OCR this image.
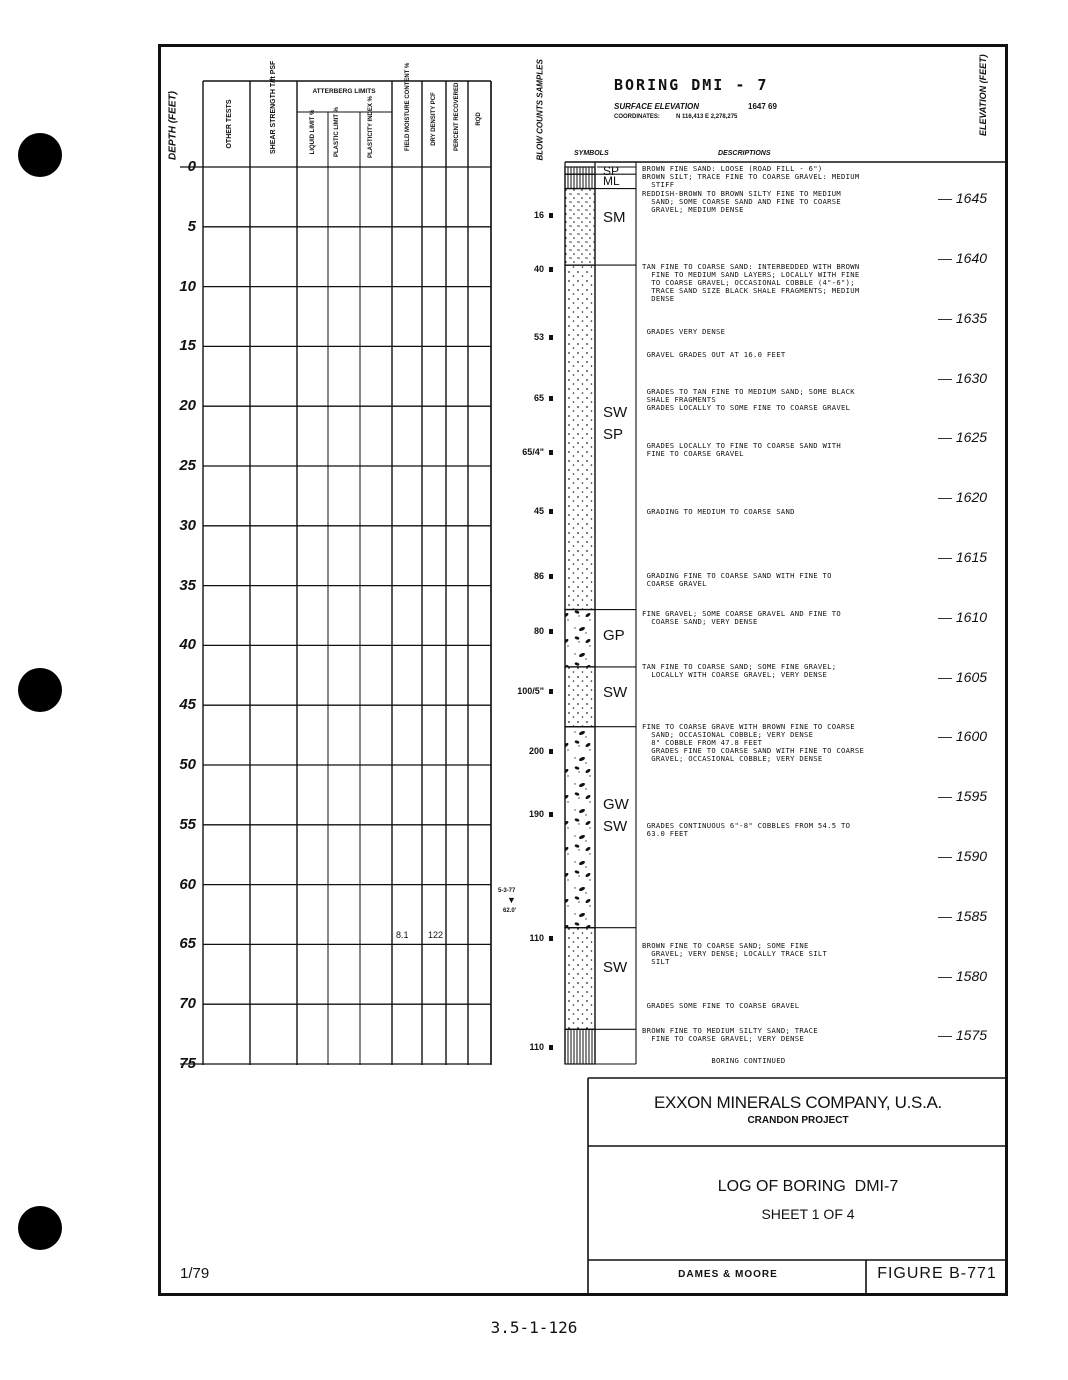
DEPTH (FEET)	OTHER TESTS	SHEAR STRENGTH T/ft PSF	ATTERBERG LIMITS
LIQUID LIMIT %	PLASTIC LIMIT %	PLASTICITY INDEX %	FIELD MOISTURE CONTENT %	DRY DENSITY PCF	PERCENT RECOVERED	RQD	BLOW COUNTS SAMPLES
0
5
10
15
20
25
30
35
40
45
50
55
60
65
70
75
8.1 122
5-3-77
▼
62.0'
16
40
53
65
65/4"
45
86
80
100/5"
200
190
110
110
BORING DMI - 7
SURFACE ELEVATION	1647 69
COORDINATES:	N 116,413 E 2,278,275
SYMBOLS	DESCRIPTIONS
ELEVATION (FEET)
SP
ML
SM
SW
SP
GP
SW
GW
SW
SW
BROWN FINE SAND: LOOSE (ROAD FILL - 6")
BROWN SILT; TRACE FINE TO COARSE GRAVEL: MEDIUM
STIFF
REDDISH-BROWN TO BROWN SILTY FINE TO MEDIUM
SAND; SOME COARSE SAND AND FINE TO COARSE
GRAVEL; MEDIUM DENSE
TAN FINE TO COARSE SAND: INTERBEDDED WITH BROWN
FINE TO MEDIUM SAND LAYERS; LOCALLY WITH FINE
TO COARSE GRAVEL; OCCASIONAL COBBLE (4"-6");
TRACE SAND SIZE BLACK SHALE FRAGMENTS; MEDIUM
DENSE
GRADES VERY DENSE
GRAVEL GRADES OUT AT 16.0 FEET
GRADES TO TAN FINE TO MEDIUM SAND; SOME BLACK
SHALE FRAGMENTS
GRADES LOCALLY TO SOME FINE TO COARSE GRAVEL
GRADES LOCALLY TO FINE TO COARSE SAND WITH
FINE TO COARSE GRAVEL
GRADING TO MEDIUM TO COARSE SAND
GRADING FINE TO COARSE SAND WITH FINE TO
COARSE GRAVEL
FINE GRAVEL; SOME COARSE GRAVEL AND FINE TO
COARSE SAND; VERY DENSE
TAN FINE TO COARSE SAND; SOME FINE GRAVEL;
LOCALLY WITH COARSE GRAVEL; VERY DENSE
FINE TO COARSE GRAVE WITH BROWN FINE TO COARSE
SAND; OCCASIONAL COBBLE; VERY DENSE
8" COBBLE FROM 47.8 FEET
GRADES FINE TO COARSE SAND WITH FINE TO COARSE
GRAVEL; OCCASIONAL COBBLE; VERY DENSE
GRADES CONTINUOUS 6"-8" COBBLES FROM 54.5 TO
63.0 FEET
BROWN FINE TO COARSE SAND; SOME FINE
GRAVEL; VERY DENSE; LOCALLY TRACE SILT
SILT
GRADES SOME FINE TO COARSE GRAVEL
BROWN FINE TO MEDIUM SILTY SAND; TRACE
FINE TO COARSE GRAVEL; VERY DENSE
BORING CONTINUED
— 1645
— 1640
— 1635
— 1630
— 1625
— 1620
— 1615
— 1610
— 1605
— 1600
— 1595
— 1590
— 1585
— 1580
— 1575
EXXON MINERALS COMPANY, U.S.A.
CRANDON PROJECT
LOG OF BORING  DMI-7
SHEET 1 OF 4
DAMES & MOORE	FIGURE B-771
1/79
3.5-1-126
